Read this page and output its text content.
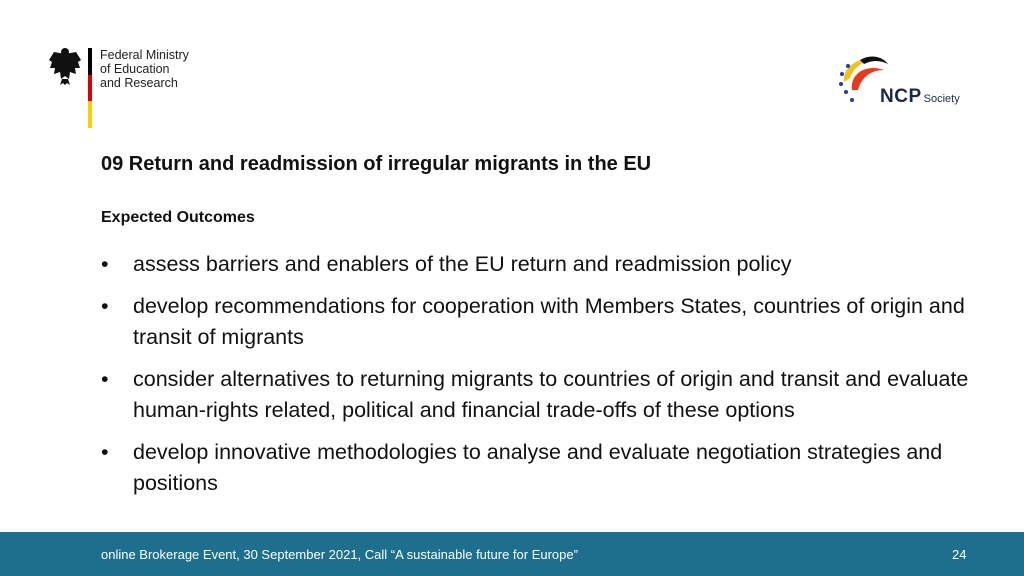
Federal Ministry
of Education
and Research
NCP Society
09 Return and readmission of irregular migrants in the EU
Expected Outcomes
• assess barriers and enablers of the EU return and readmission policy
• develop recommendations for cooperation with Members States, countries of origin and transit of migrants
• consider alternatives to returning migrants to countries of origin and transit and evaluate human-rights related, political and financial trade-offs of these options
• develop innovative methodologies to analyse and evaluate negotiation strategies and positions
online Brokerage Event, 30 September 2021, Call “A sustainable future for Europe”	24
